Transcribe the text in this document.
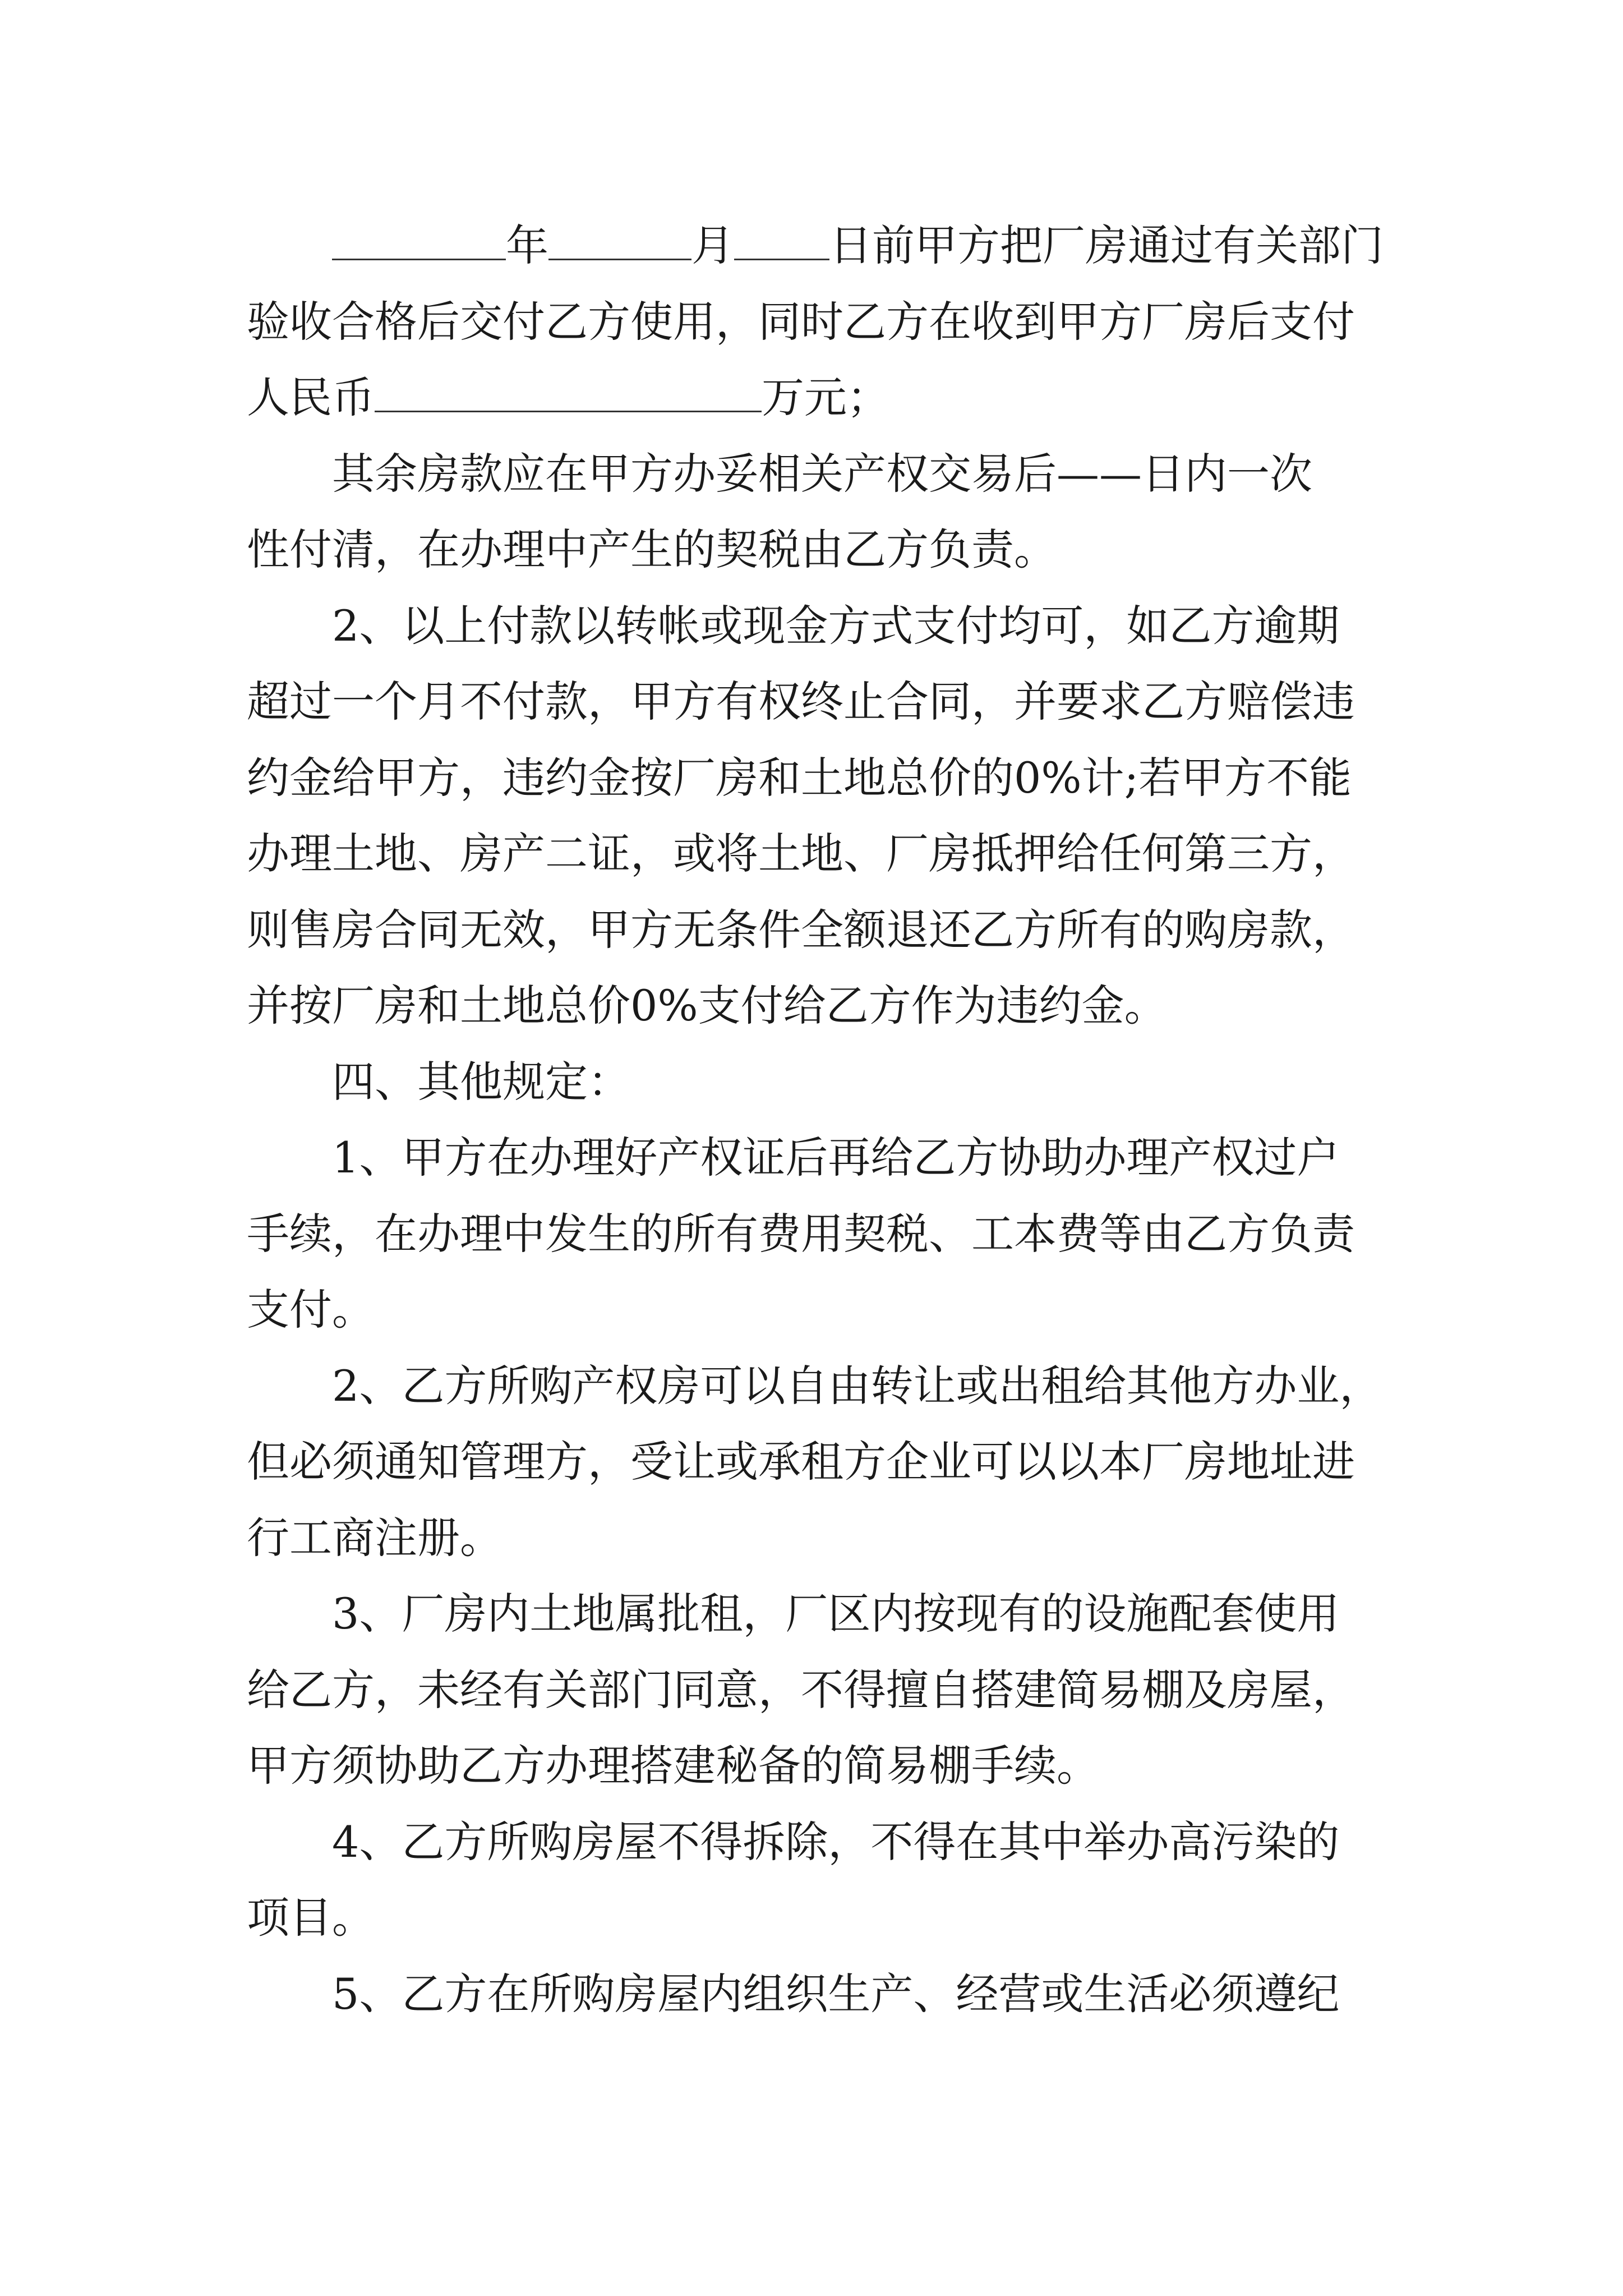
年	月 日前甲方把厂房通过有关部门
验收合格后交付乙方使用，同时乙方在收到甲方厂房后支付
人民币	万元；
其余房款应在甲方办妥相关产权交易后——日内一次
性付清，在办理中产生的契税由乙方负责。
2、以上付款以转帐或现金方式支付均可，如乙方逾期
超过一个月不付款，甲方有权终止合同，并要求乙方赔偿违
约金给甲方，违约金按厂房和土地总价的0%计;若甲方不能
办理土地、房产二证，或将土地、厂房抵押给任何第三方，
则售房合同无效，甲方无条件全额退还乙方所有的购房款，
并按厂房和土地总价0%支付给乙方作为违约金。
四、其他规定：
1、甲方在办理好产权证后再给乙方协助办理产权过户
手续，在办理中发生的所有费用契税、工本费等由乙方负责
支付。
2、乙方所购产权房可以自由转让或出租给其他方办业，
但必须通知管理方，受让或承租方企业可以以本厂房地址进
行工商注册。
3、厂房内土地属批租，厂区内按现有的设施配套使用
给乙方，未经有关部门同意，不得擅自搭建简易棚及房屋，
甲方须协助乙方办理搭建秘备的简易棚手续。
4、乙方所购房屋不得拆除，不得在其中举办高污染的
项目。
5、乙方在所购房屋内组织生产、经营或生活必须遵纪
